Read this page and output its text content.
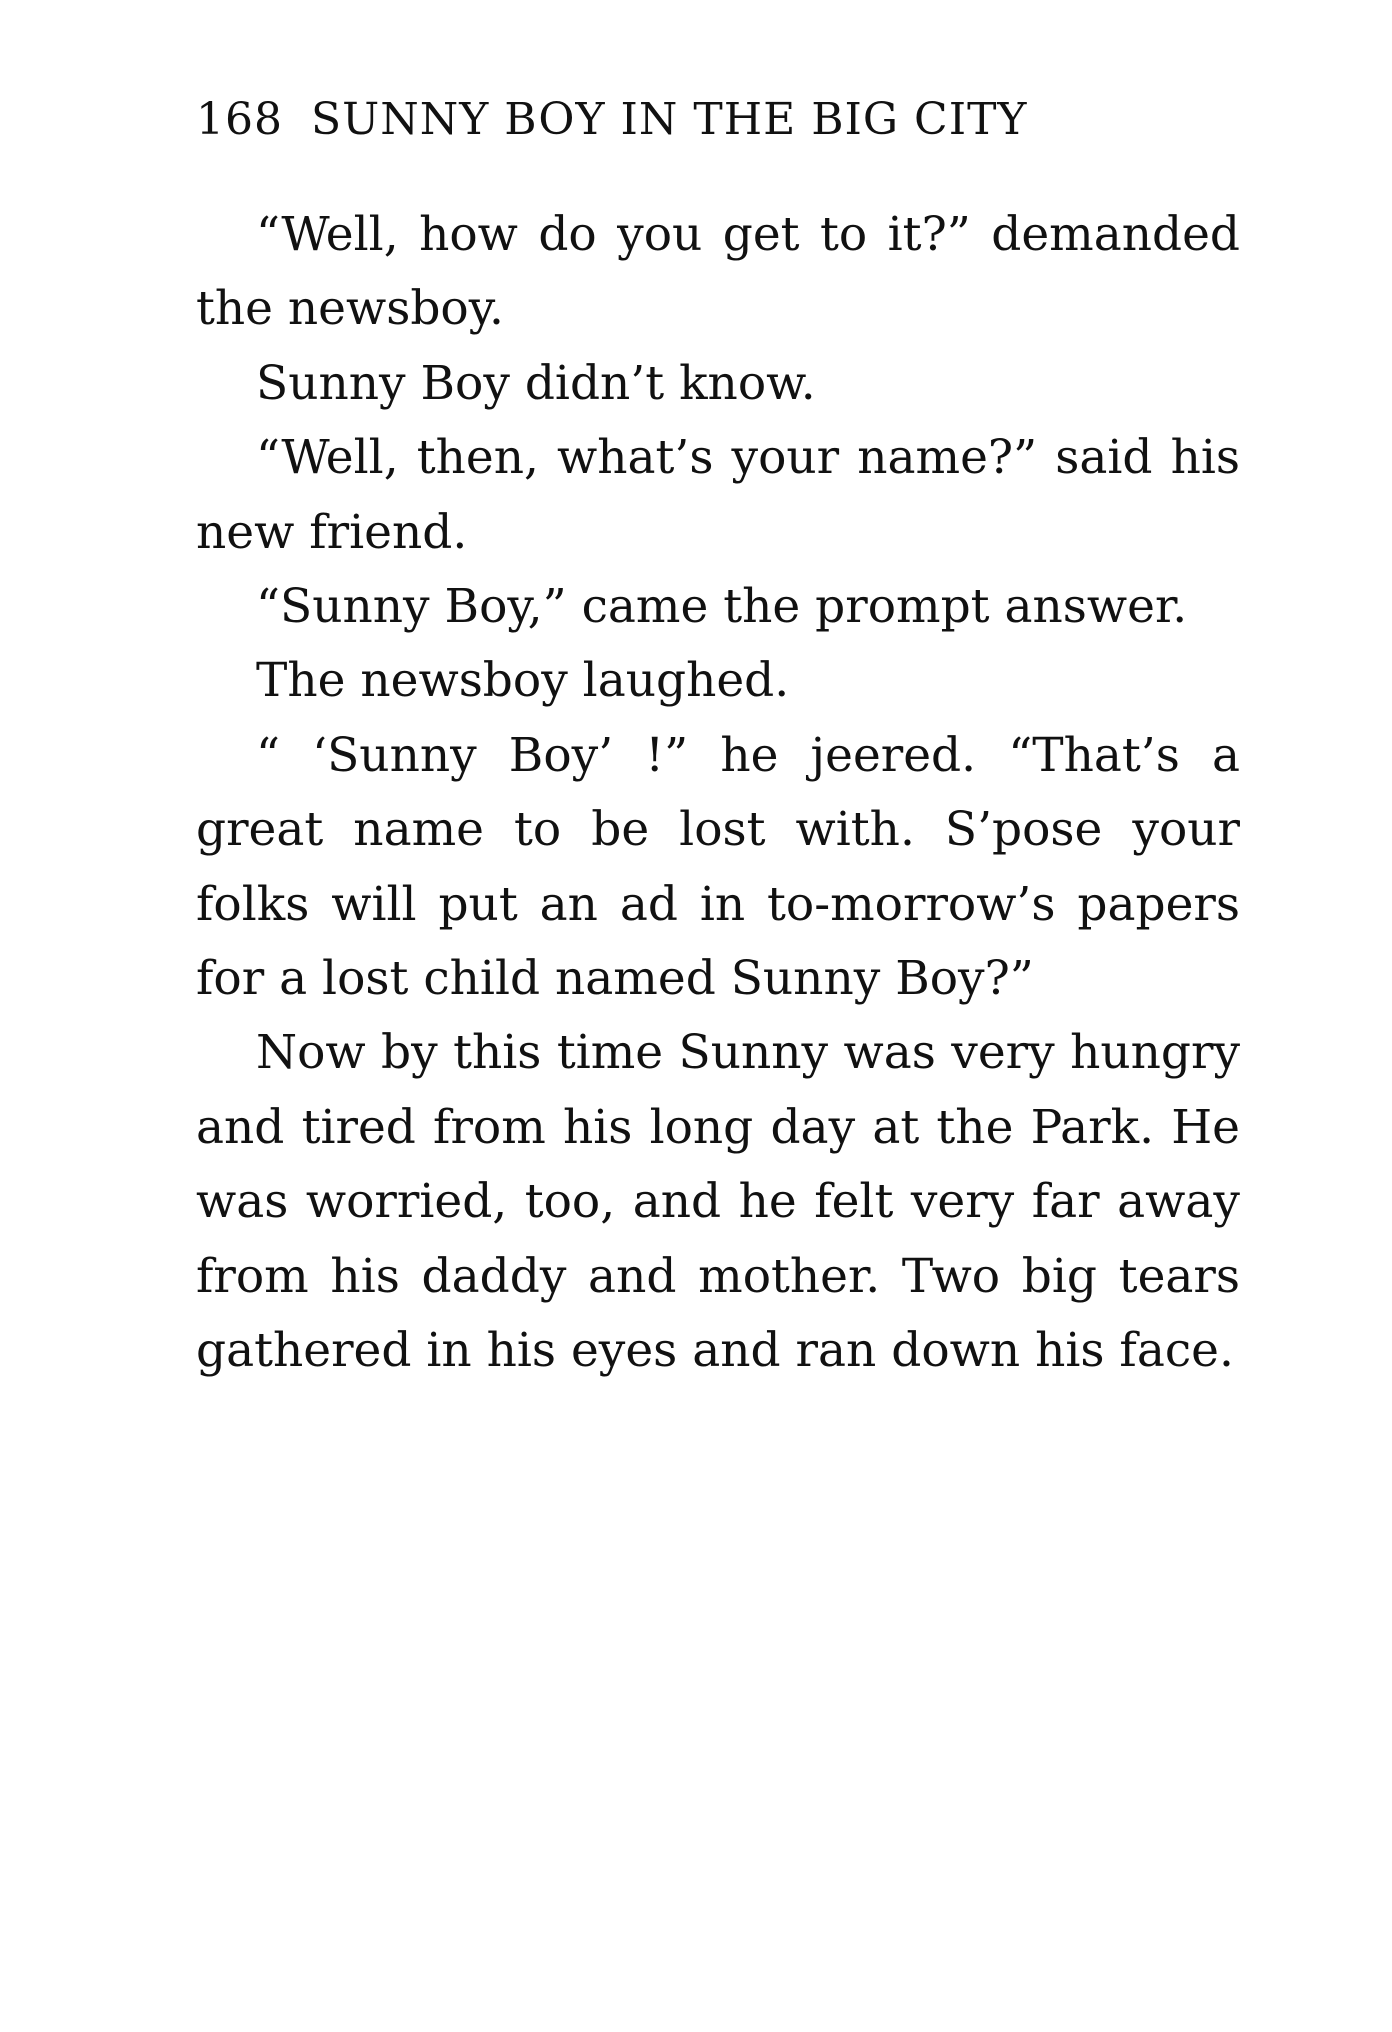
168 SUNNY BOY IN THE BIG CITY

“Well, how do you get to it?” demanded the newsboy.

Sunny Boy didn’t know.

“Well, then, what’s your name?” said his new friend.

“Sunny Boy,” came the prompt answer.

The newsboy laughed.

“ ‘Sunny Boy’ !” he jeered. “That’s a great name to be lost with. S’pose your folks will put an ad in to-morrow’s papers for a lost child named Sunny Boy?”

Now by this time Sunny was very hungry and tired from his long day at the Park. He was worried, too, and he felt very far away from his daddy and mother. Two big tears gathered in his eyes and ran down his face.
